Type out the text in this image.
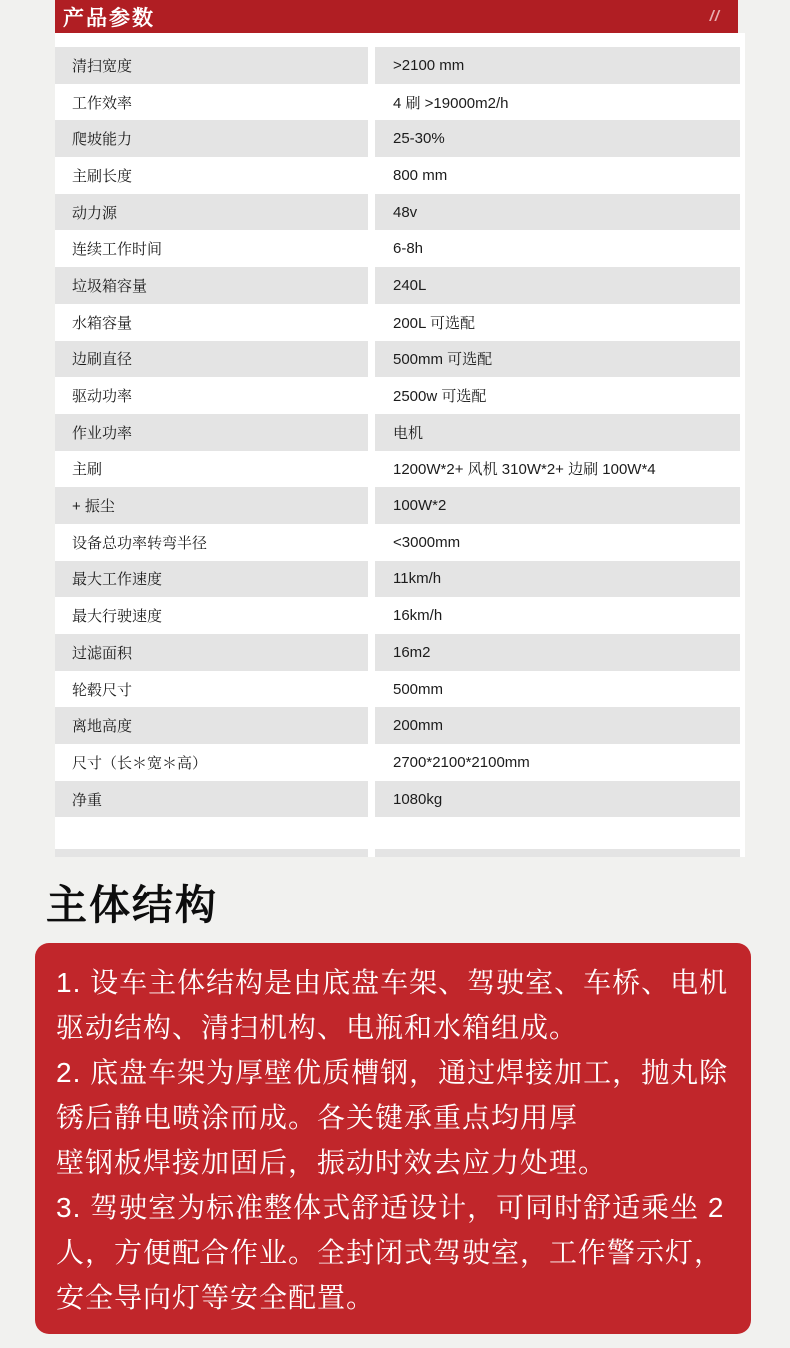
产品参数	//
清扫宽度	>2100 mm
工作效率	4 刷 >19000m2/h
爬坡能力	25-30%
主刷长度	800 mm
动力源	48v
连续工作时间	6-8h
垃圾箱容量	240L
水箱容量	200L 可选配
边刷直径	500mm 可选配
驱动功率	2500w 可选配
作业功率	电机
主刷	1200W*2+ 风机 310W*2+ 边刷 100W*4
+ 振尘	100W*2
设备总功率转弯半径	<3000mm
最大工作速度	11km/h
最大行驶速度	16km/h
过滤面积	16m2
轮毂尺寸	500mm
离地高度	200mm
尺寸（长＊宽＊高）	2700*2100*2100mm
净重	1080kg
主体结构
1. 设车主体结构是由底盘车架、驾驶室、车桥、电机
驱动结构、清扫机构、电瓶和水箱组成。
2. 底盘车架为厚壁优质槽钢，通过焊接加工，抛丸除
锈后静电喷涂而成。各关键承重点均用厚
壁钢板焊接加固后，振动时效去应力处理。
3. 驾驶室为标准整体式舒适设计，可同时舒适乘坐 2
人，方便配合作业。全封闭式驾驶室，工作警示灯，
安全导向灯等安全配置。
